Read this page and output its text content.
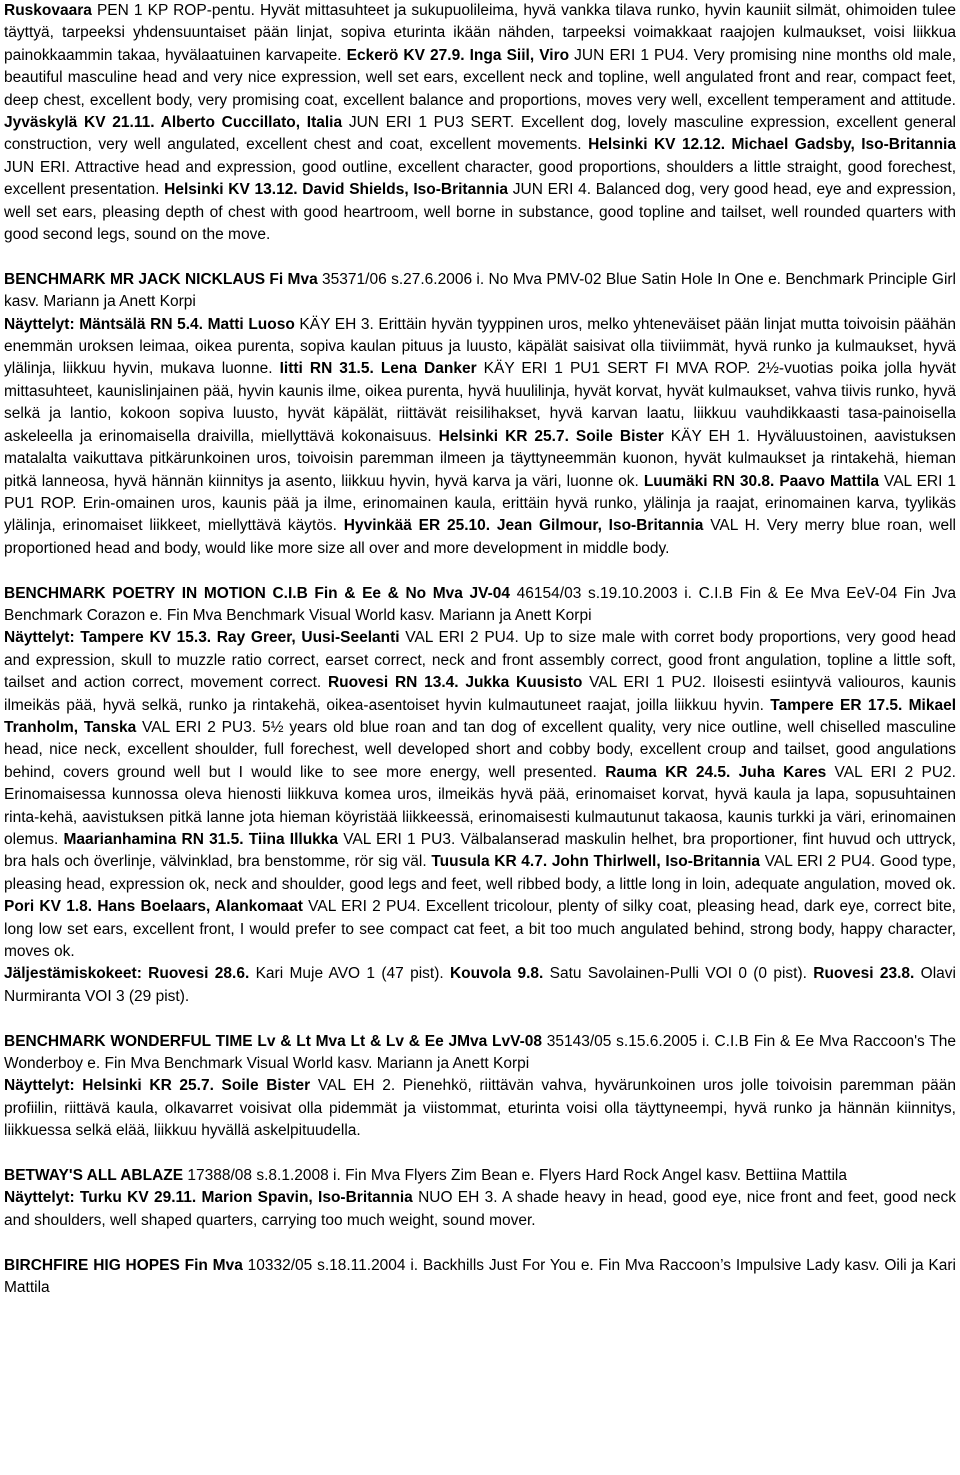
Ruskovaara PEN 1 KP ROP-pentu. Hyvät mittasuhteet ja sukupuolileima, hyvä vankka tilava runko, hyvin kauniit silmät, ohimoiden tulee täyttyä, tarpeeksi yhdensuuntaiset pään linjat, sopiva eturinta ikään nähden, tarpeeksi voimakkaat raajojen kulmaukset, voisi liikkua painokkaammin takaa, hyvälaatuinen karvapeite. Eckerö KV 27.9. Inga Siil, Viro JUN ERI 1 PU4. Very promising nine months old male, beautiful masculine head and very nice expression, well set ears, excellent neck and topline, well angulated front and rear, compact feet, deep chest, excellent body, very promising coat, excellent balance and proportions, moves very well, excellent temperament and attitude. Jyväskylä KV 21.11. Alberto Cuccillato, Italia JUN ERI 1 PU3 SERT. Excellent dog, lovely masculine expression, excellent general construction, very well angulated, excellent chest and coat, excellent movements. Helsinki KV 12.12. Michael Gadsby, Iso-Britannia JUN ERI. Attractive head and expression, good outline, excellent character, good proportions, shoulders a little straight, good forechest, excellent presentation. Helsinki KV 13.12. David Shields, Iso-Britannia JUN ERI 4. Balanced dog, very good head, eye and expression, well set ears, pleasing depth of chest with good heartroom, well borne in substance, good topline and tailset, well rounded quarters with good second legs, sound on the move.

BENCHMARK MR JACK NICKLAUS Fi Mva 35371/06 s.27.6.2006 i. No Mva PMV-02 Blue Satin Hole In One e. Benchmark Principle Girl kasv. Mariann ja Anett Korpi
Näyttelyt: Mäntsälä RN 5.4. Matti Luoso KÄY EH 3. Erittäin hyvän tyyppinen uros, melko yhteneväiset pään linjat mutta toivoisin päähän enemmän uroksen leimaa, oikea purenta, sopiva kaulan pituus ja luusto, käpälät saisivat olla tiiviimmät, hyvä runko ja kulmaukset, hyvä ylälinja, liikkuu hyvin, mukava luonne. Iitti RN 31.5. Lena Danker KÄY ERI 1 PU1 SERT FI MVA ROP. 2½-vuotias poika jolla hyvät mittasuhteet, kaunislinjainen pää, hyvin kaunis ilme, oikea purenta, hyvä huulilinja, hyvät korvat, hyvät kulmaukset, vahva tiivis runko, hyvä selkä ja lantio, kokoon sopiva luusto, hyvät käpälät, riittävät reisilihakset, hyvä karvan laatu, liikkuu vauhdikkaasti tasa-painoisella askeleella ja erinomaisella draivilla, miellyttävä kokonaisuus. Helsinki KR 25.7. Soile Bister KÄY EH 1. Hyväluustoinen, aavistuksen matalalta vaikuttava pitkärunkoinen uros, toivoisin paremman ilmeen ja täyttyneemmän kuonon, hyvät kulmaukset ja rintakehä, hieman pitkä lanneosa, hyvä hännän kiinnitys ja asento, liikkuu hyvin, hyvä karva ja väri, luonne ok. Luumäki RN 30.8. Paavo Mattila VAL ERI 1 PU1 ROP. Erin-omainen uros, kaunis pää ja ilme, erinomainen kaula, erittäin hyvä runko, ylälinja ja raajat, erinomainen karva, tyylikäs ylälinja, erinomaiset liikkeet, miellyttävä käytös. Hyvinkää ER 25.10. Jean Gilmour, Iso-Britannia VAL H. Very merry blue roan, well proportioned head and body, would like more size all over and more development in middle body.

BENCHMARK POETRY IN MOTION C.I.B Fin & Ee & No Mva JV-04 46154/03 s.19.10.2003 i. C.I.B Fin & Ee Mva EeV-04 Fin Jva Benchmark Corazon e. Fin Mva Benchmark Visual World kasv. Mariann ja Anett Korpi
Näyttelyt: Tampere KV 15.3. Ray Greer, Uusi-Seelanti VAL ERI 2 PU4. Up to size male with corret body proportions, very good head and expression, skull to muzzle ratio correct, earset correct, neck and front assembly correct, good front angulation, topline a little soft, tailset and action correct, movement correct. Ruovesi RN 13.4. Jukka Kuusisto VAL ERI 1 PU2. Iloisesti esiintyvä valiouros, kaunis ilmeikäs pää, hyvä selkä, runko ja rintakehä, oikea-asentoiset hyvin kulmautuneet raajat, joilla liikkuu hyvin. Tampere ER 17.5. Mikael Tranholm, Tanska VAL ERI 2 PU3. 5½ years old blue roan and tan dog of excellent quality, very nice outline, well chiselled masculine head, nice neck, excellent shoulder, full forechest, well developed short and cobby body, excellent croup and tailset, good angulations behind, covers ground well but I would like to see more energy, well presented. Rauma KR 24.5. Juha Kares VAL ERI 2 PU2. Erinomaisessa kunnossa oleva hienosti liikkuva komea uros, ilmeikäs hyvä pää, erinomaiset korvat, hyvä kaula ja lapa, sopusuhtainen rinta-kehä, aavistuksen pitkä lanne jota hieman köyristää liikkeessä, erinomaisesti kulmautunut takaosa, kaunis turkki ja väri, erinomainen olemus. Maarianhamina RN 31.5. Tiina Illukka VAL ERI 1 PU3. Välbalanserad maskulin helhet, bra proportioner, fint huvud och uttryck, bra hals och överlinje, välvinklad, bra benstomme, rör sig väl. Tuusula KR 4.7. John Thirlwell, Iso-Britannia VAL ERI 2 PU4. Good type, pleasing head, expression ok, neck and shoulder, good legs and feet, well ribbed body, a little long in loin, adequate angulation, moved ok. Pori KV 1.8. Hans Boelaars, Alankomaat VAL ERI 2 PU4. Excellent tricolour, plenty of silky coat, pleasing head, dark eye, correct bite, long low set ears, excellent front, I would prefer to see compact cat feet, a bit too much angulated behind, strong body, happy character, moves ok.
Jäljestämiskokeet: Ruovesi 28.6. Kari Muje AVO 1 (47 pist). Kouvola 9.8. Satu Savolainen-Pulli VOI 0 (0 pist). Ruovesi 23.8. Olavi Nurmiranta VOI 3 (29 pist).

BENCHMARK WONDERFUL TIME Lv & Lt Mva Lt & Lv & Ee JMva LvV-08 35143/05 s.15.6.2005 i. C.I.B Fin & Ee Mva Raccoon's The Wonderboy e. Fin Mva Benchmark Visual World kasv. Mariann ja Anett Korpi
Näyttelyt: Helsinki KR 25.7. Soile Bister VAL EH 2. Pienehkö, riittävän vahva, hyvärunkoinen uros jolle toivoisin paremman pään profiilin, riittävä kaula, olkavarret voisivat olla pidemmät ja viistommat, eturinta voisi olla täyttyneempi, hyvä runko ja hännän kiinnitys, liikkuessa selkä elää, liikkuu hyvällä askelpituudella.

BETWAY'S ALL ABLAZE 17388/08 s.8.1.2008 i. Fin Mva Flyers Zim Bean e. Flyers Hard Rock Angel kasv. Bettiina Mattila
Näyttelyt: Turku KV 29.11. Marion Spavin, Iso-Britannia NUO EH 3. A shade heavy in head, good eye, nice front and feet, good neck and shoulders, well shaped quarters, carrying too much weight, sound mover.

BIRCHFIRE HIG HOPES Fin Mva 10332/05 s.18.11.2004 i. Backhills Just For You e. Fin Mva Raccoon’s Impulsive Lady kasv. Oili ja Kari Mattila
